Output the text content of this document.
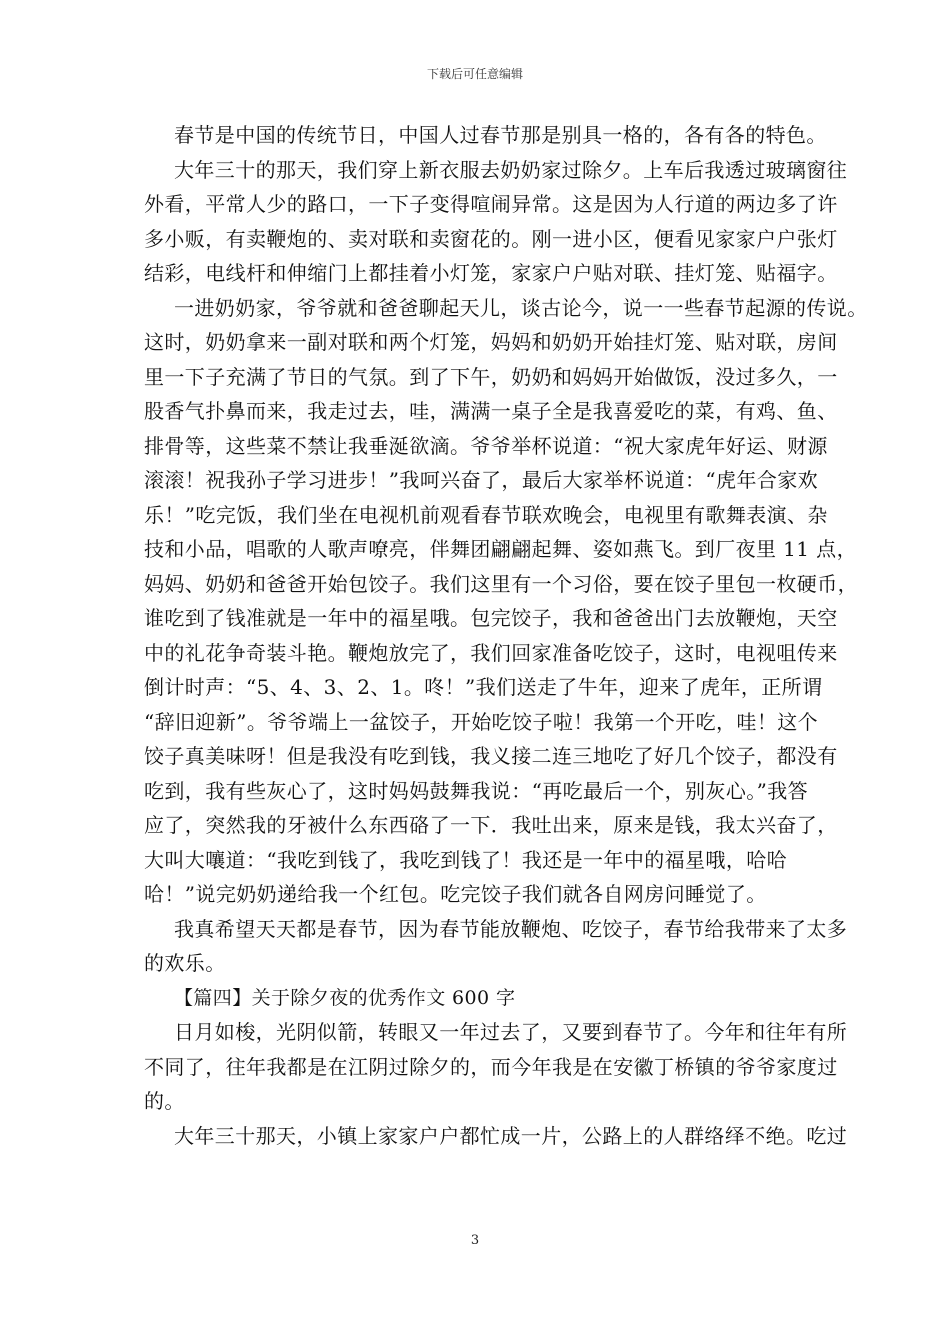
下载后可任意编辑
春节是中国的传统节日，中国人过春节那是别具一格的，各有各的特色。
大年三十的那天，我们穿上新衣服去奶奶家过除夕。上车后我透过玻璃窗往
外看，平常人少的路口，一下子变得喧闹异常。这是因为人行道的两边多了许
多小贩，有卖鞭炮的、卖对联和卖窗花的。刚一进小区，便看见家家户户张灯
结彩，电线杆和伸缩门上都挂着小灯笼，家家户户贴对联、挂灯笼、贴福字。
一进奶奶家，爷爷就和爸爸聊起天儿，谈古论今，说一一些春节起源的传说。
这时，奶奶拿来一副对联和两个灯笼，妈妈和奶奶开始挂灯笼、贴对联，房间
里一下子充满了节日的气氛。到了下午，奶奶和妈妈开始做饭，没过多久，一
股香气扑鼻而来，我走过去，哇，满满一桌子全是我喜爱吃的菜，有鸡、鱼、
排骨等，这些菜不禁让我垂涎欲滴。爷爷举杯说道：“祝大家虎年好运、财源
滚滚！祝我孙子学习进步！”我呵兴奋了，最后大家举杯说道：“虎年合家欢
乐！”吃完饭，我们坐在电视机前观看春节联欢晚会，电视里有歌舞表演、杂
技和小品，唱歌的人歌声嘹亮，伴舞团翩翩起舞、姿如燕飞。到厂夜里 11 点，
妈妈、奶奶和爸爸开始包饺子。我们这里有一个习俗，要在饺子里包一枚硬币，
谁吃到了钱准就是一年中的福星哦。包完饺子，我和爸爸出门去放鞭炮，天空
中的礼花争奇装斗艳。鞭炮放完了，我们回家准备吃饺子，这时，电视咀传来
倒计时声：“5、4、3、2、1。咚！”我们送走了牛年，迎来了虎年，正所谓
“辞旧迎新”。爷爷端上一盆饺子，开始吃饺子啦！我第一个开吃，哇！这个
饺子真美味呀！但是我没有吃到钱，我义接二连三地吃了好几个饺子，都没有
吃到，我有些灰心了，这时妈妈鼓舞我说：“再吃最后一个，别灰心。”我答
应了，突然我的牙被什么东西硌了一下．我吐出来，原来是钱，我太兴奋了，
大叫大嚷道：“我吃到钱了，我吃到钱了！我还是一年中的福星哦，哈哈
哈！”说完奶奶递给我一个红包。吃完饺子我们就各自网房问睡觉了。
我真希望天天都是春节，因为春节能放鞭炮、吃饺子，春节给我带来了太多
的欢乐。
【篇四】关于除夕夜的优秀作文 600 字
日月如梭，光阴似箭，转眼又一年过去了，又要到春节了。今年和往年有所
不同了，往年我都是在江阴过除夕的，而今年我是在安徽丁桥镇的爷爷家度过
的。
大年三十那天，小镇上家家户户都忙成一片，公路上的人群络绎不绝。吃过
3
